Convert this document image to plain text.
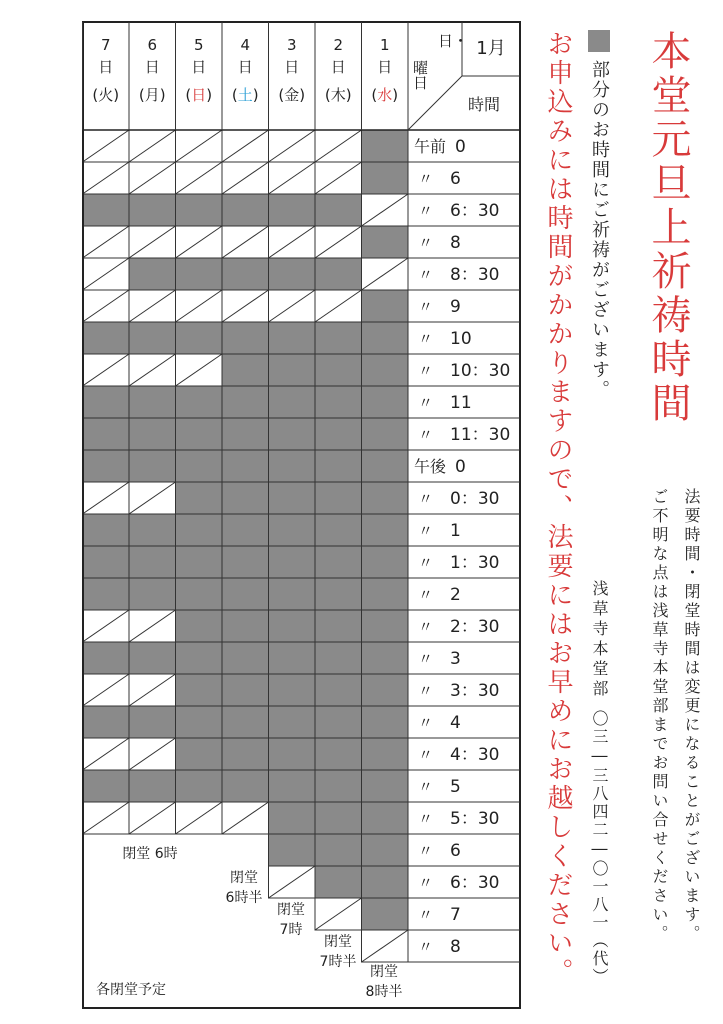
本堂元旦上祈祷時間
お申込みには時間がかかりますので、法要にはお早めにお越しください。 部分のお時間にご祈祷がございます。
浅草寺本堂部
〇三―三八四二―〇一八一（代）	法要時間・閉堂時間は変更になることがございます。
ご不明な点は浅草寺本堂部までお問い合せください。
1月
日・
曜日
時間
1
日
(水)
2
日
(木)
3
日
(金)
4
日
(土)
5
日
(日)
6
日
(月)
7
日
(火)
午前 0
〃 6
〃 6：30
〃 8
〃 8：30
〃 9
〃 10
〃 10：30
〃 11
〃 11：30
午後 0
〃 0：30
〃 1
〃 1：30
〃 2
〃 2：30
〃 3
〃 3：30
〃 4
〃 4：30
〃 5
〃 5：30
〃 6
〃 6：30
〃 7
〃 8
閉堂 6時
閉堂
6時半
閉堂
7時
閉堂
7時半
閉堂
8時半
各閉堂予定
